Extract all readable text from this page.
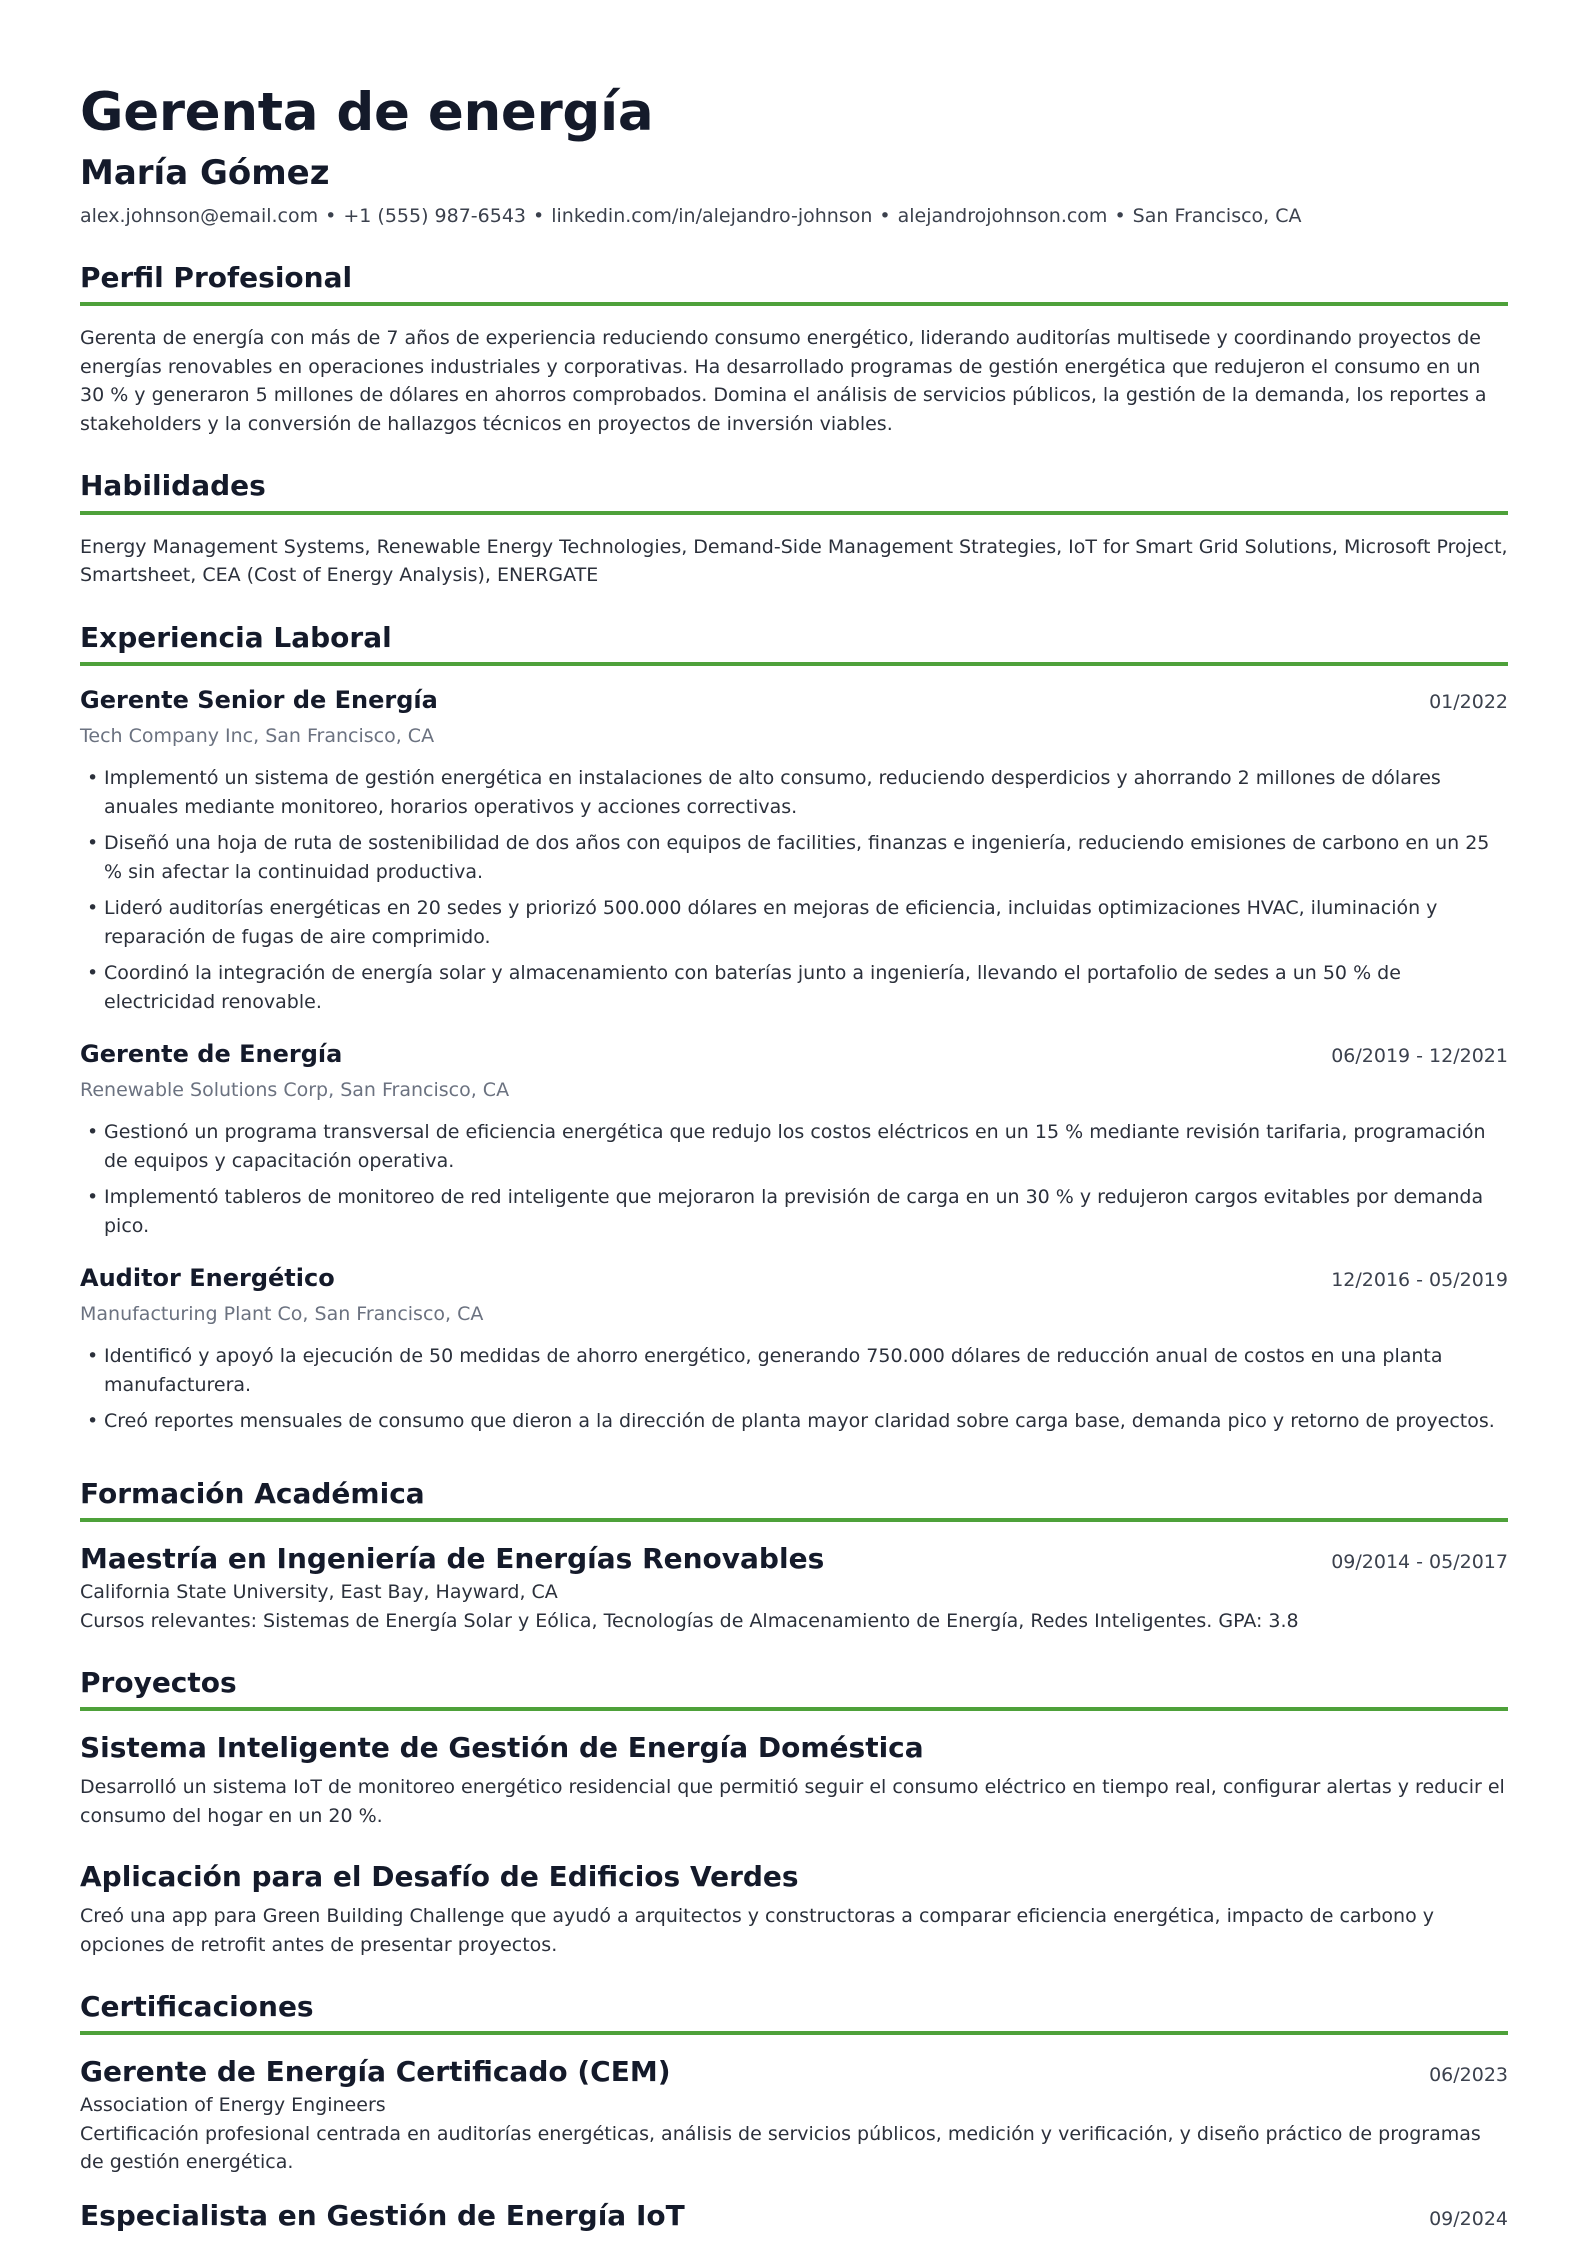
Gerenta de energía
María Gómez
alex.johnson@email.com • +1 (555) 987-6543 • linkedin.com/in/alejandro-johnson • alejandrojohnson.com • San Francisco, CA
Perfil Profesional

Gerenta de energía con más de 7 años de experiencia reduciendo consumo energético, liderando auditorías multisede y coordinando proyectos de energías renovables en operaciones industriales y corporativas. Ha desarrollado programas de gestión energética que redujeron el consumo en un 30 % y generaron 5 millones de dólares en ahorros comprobados. Domina el análisis de servicios públicos, la gestión de la demanda, los reportes a stakeholders y la conversión de hallazgos técnicos en proyectos de inversión viables.

Habilidades

Energy Management Systems, Renewable Energy Technologies, Demand-Side Management Strategies, IoT for Smart Grid Solutions, Microsoft Project, Smartsheet, CEA (Cost of Energy Analysis), ENERGATE

Experiencia Laboral
Gerente Senior de Energía	01/2022
Tech Company Inc, San Francisco, CA
• Implementó un sistema de gestión energética en instalaciones de alto consumo, reduciendo desperdicios y ahorrando 2 millones de dólares anuales mediante monitoreo, horarios operativos y acciones correctivas.
• Diseñó una hoja de ruta de sostenibilidad de dos años con equipos de facilities, finanzas e ingeniería, reduciendo emisiones de carbono en un 25 % sin afectar la continuidad productiva.
• Lideró auditorías energéticas en 20 sedes y priorizó 500.000 dólares en mejoras de eficiencia, incluidas optimizaciones HVAC, iluminación y reparación de fugas de aire comprimido.
• Coordinó la integración de energía solar y almacenamiento con baterías junto a ingeniería, llevando el portafolio de sedes a un 50 % de electricidad renovable.
Gerente de Energía	06/2019 - 12/2021
Renewable Solutions Corp, San Francisco, CA
• Gestionó un programa transversal de eficiencia energética que redujo los costos eléctricos en un 15 % mediante revisión tarifaria, programación de equipos y capacitación operativa.
• Implementó tableros de monitoreo de red inteligente que mejoraron la previsión de carga en un 30 % y redujeron cargos evitables por demanda pico.
Auditor Energético	12/2016 - 05/2019
Manufacturing Plant Co, San Francisco, CA
• Identificó y apoyó la ejecución de 50 medidas de ahorro energético, generando 750.000 dólares de reducción anual de costos en una planta manufacturera.
• Creó reportes mensuales de consumo que dieron a la dirección de planta mayor claridad sobre carga base, demanda pico y retorno de proyectos.
Formación Académica
Maestría en Ingeniería de Energías Renovables	09/2014 - 05/2017
California State University, East Bay, Hayward, CA
Cursos relevantes: Sistemas de Energía Solar y Eólica, Tecnologías de Almacenamiento de Energía, Redes Inteligentes. GPA: 3.8
Proyectos
Sistema Inteligente de Gestión de Energía Doméstica
Desarrolló un sistema IoT de monitoreo energético residencial que permitió seguir el consumo eléctrico en tiempo real, configurar alertas y reducir el consumo del hogar en un 20 %.
Aplicación para el Desafío de Edificios Verdes
Creó una app para Green Building Challenge que ayudó a arquitectos y constructoras a comparar eficiencia energética, impacto de carbono y opciones de retrofit antes de presentar proyectos.
Certificaciones
Gerente de Energía Certificado (CEM)	06/2023
Association of Energy Engineers
Certificación profesional centrada en auditorías energéticas, análisis de servicios públicos, medición y verificación, y diseño práctico de programas de gestión energética.
Especialista en Gestión de Energía IoT	09/2024
